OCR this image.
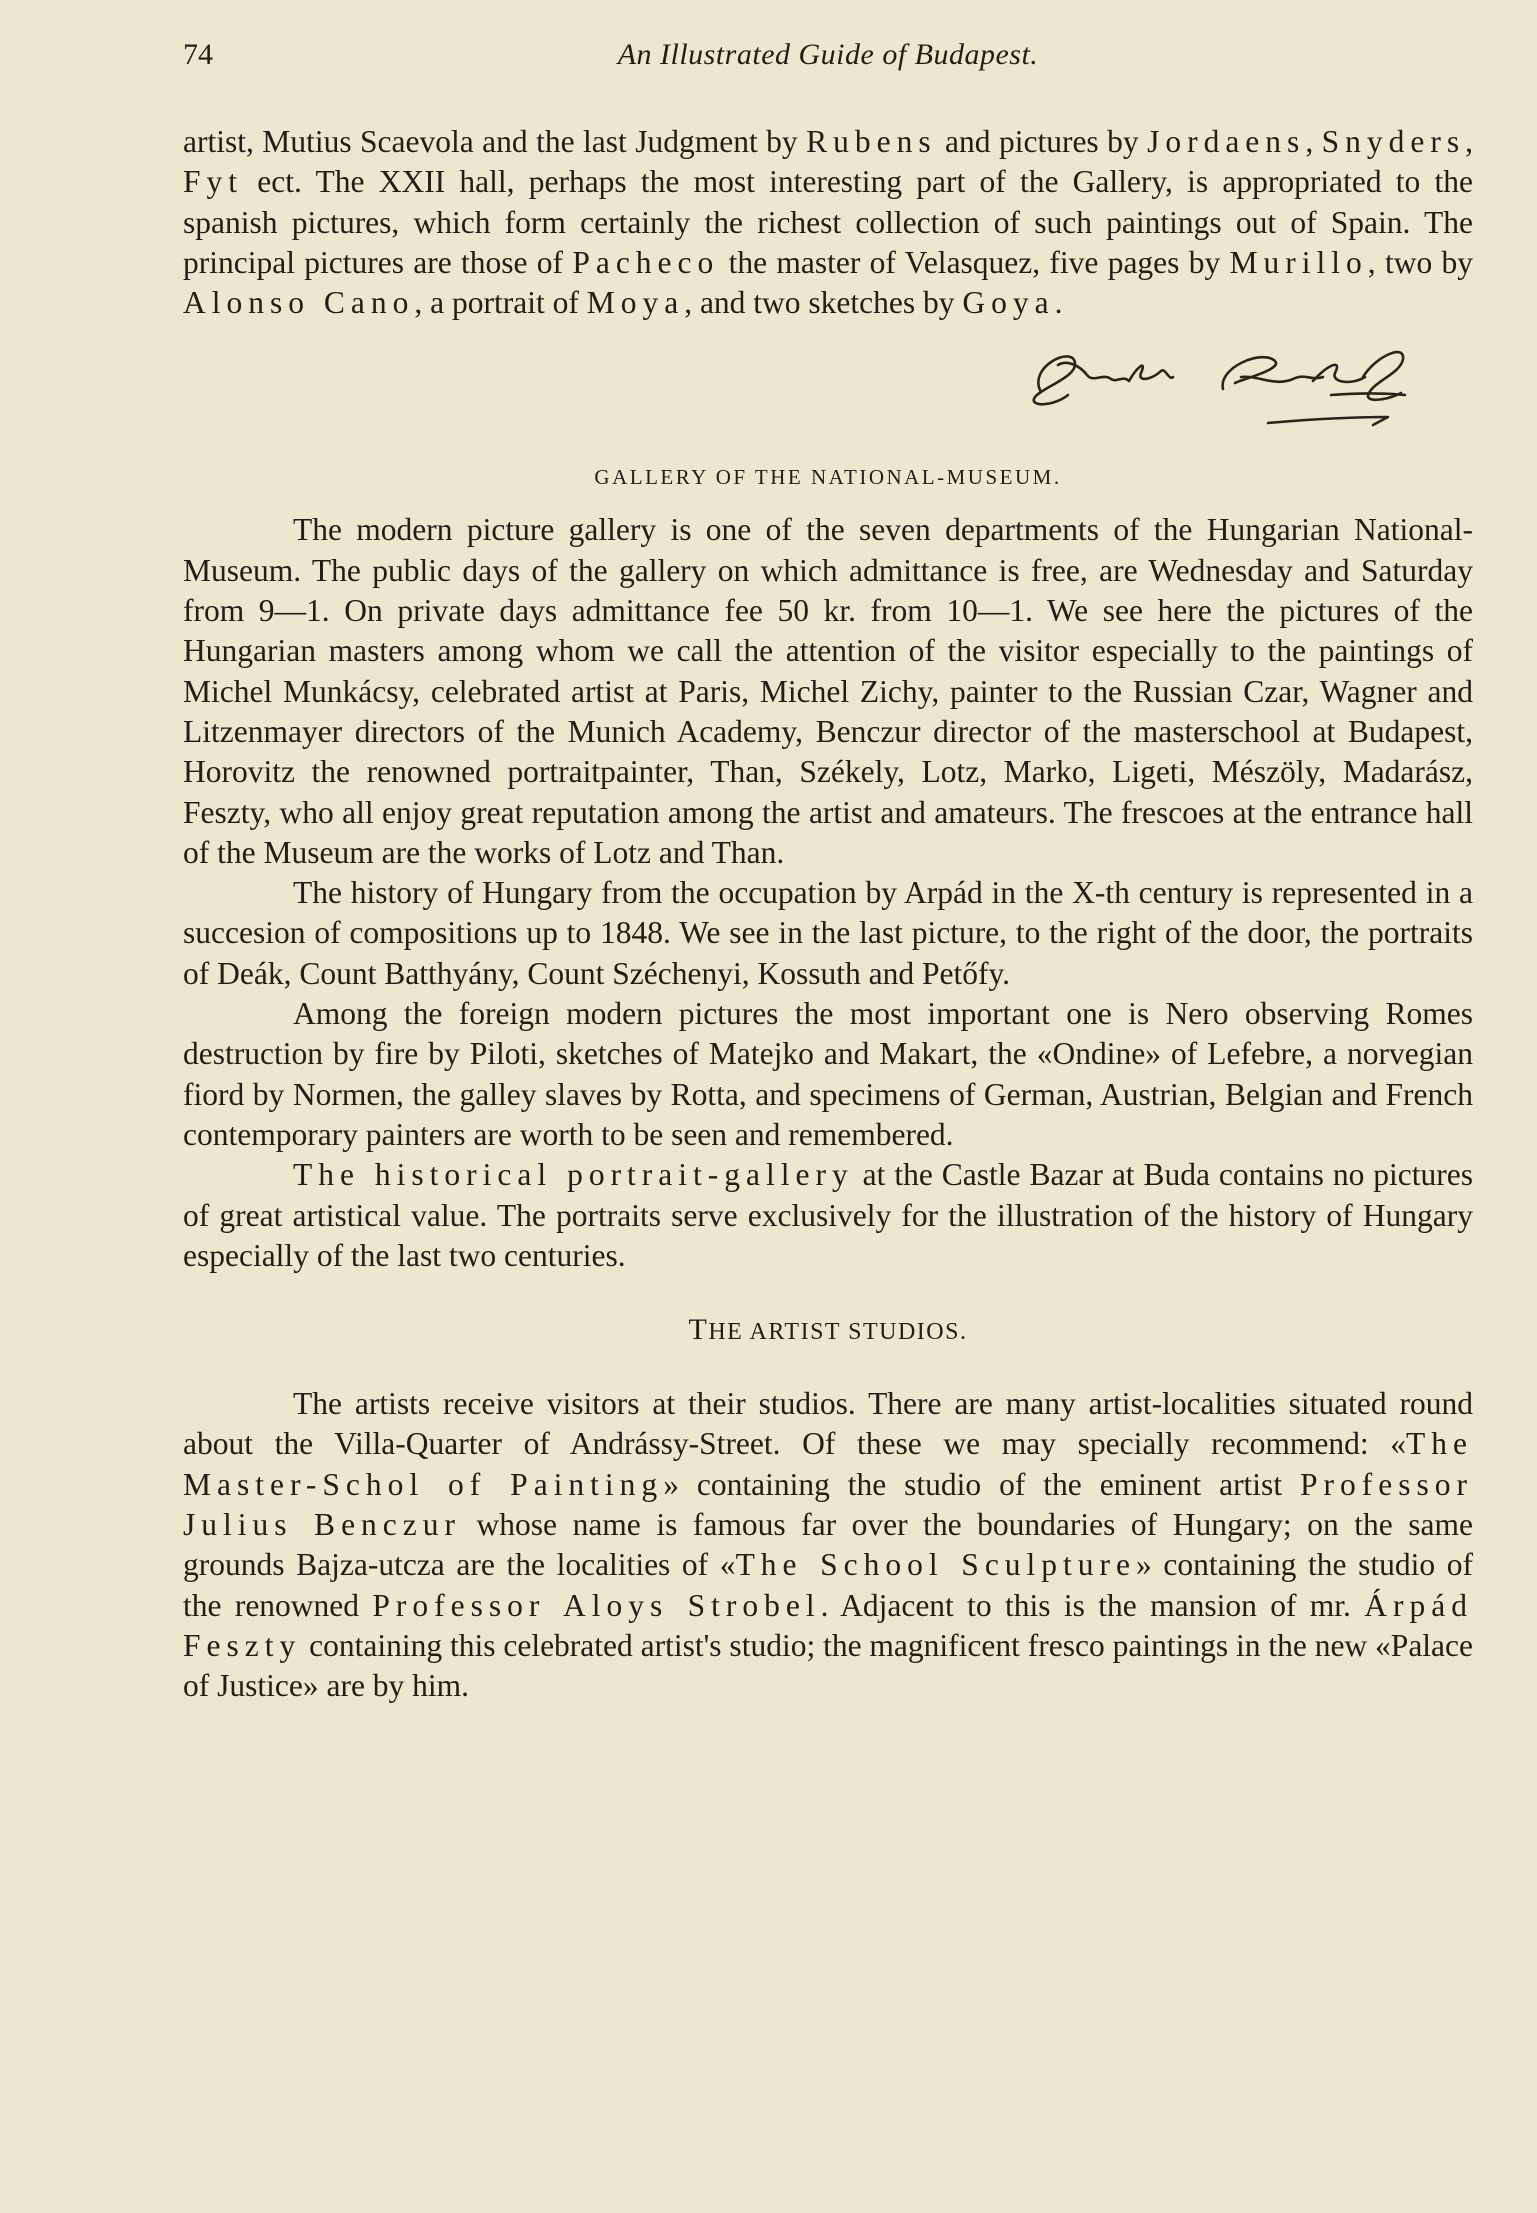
74	An Illustrated Guide of Budapest.

artist, Mutius Scaevola and the last Judgment by Rubens and pictures by Jordaens, Snyders, Fyt ect. The XXII hall, perhaps the most interesting part of the Gallery, is appropriated to the spanish pictures, which form certainly the richest collection of such paintings out of Spain. The principal pictures are those of Pacheco the master of Velasquez, five pages by Murillo, two by Alonso Cano, a portrait of Moya, and two sketches by Goya.

GALLERY OF THE NATIONAL-MUSEUM.

The modern picture gallery is one of the seven departments of the Hungarian National-Museum. The public days of the gallery on which admittance is free, are Wednesday and Saturday from 9—1. On private days admittance fee 50 kr. from 10—1. We see here the pictures of the Hungarian masters among whom we call the attention of the visitor especially to the paintings of Michel Munkácsy, celebrated artist at Paris, Michel Zichy, painter to the Russian Czar, Wagner and Litzenmayer directors of the Munich Academy, Benczur director of the masterschool at Budapest, Horovitz the renowned portraitpainter, Than, Székely, Lotz, Marko, Ligeti, Mészöly, Madarász, Feszty, who all enjoy great reputation among the artist and amateurs. The frescoes at the entrance hall of the Museum are the works of Lotz and Than.

The history of Hungary from the occupation by Arpád in the X-th century is represented in a succesion of compositions up to 1848. We see in the last picture, to the right of the door, the portraits of Deák, Count Batthyány, Count Széchenyi, Kossuth and Petőfy.

Among the foreign modern pictures the most important one is Nero observing Romes destruction by fire by Piloti, sketches of Matejko and Makart, the «Ondine» of Lefebre, a norvegian fiord by Normen, the galley slaves by Rotta, and specimens of German, Austrian, Belgian and French contemporary painters are worth to be seen and remembered.

The historical portrait-gallery at the Castle Bazar at Buda contains no pictures of great artistical value. The portraits serve exclusively for the illustration of the history of Hungary especially of the last two centuries.

THE ARTIST STUDIOS.

The artists receive visitors at their studios. There are many artist-localities situated round about the Villa-Quarter of Andrássy-Street. Of these we may specially recommend: «The Master-Schol of Painting» containing the studio of the eminent artist Professor Julius Benczur whose name is famous far over the boundaries of Hungary; on the same grounds Bajza-utcza are the localities of «The School Sculpture» containing the studio of the renowned Professor Aloys Strobel. Adjacent to this is the mansion of mr. Árpád Feszty containing this celebrated artist's studio; the magnificent fresco paintings in the new «Palace of Justice» are by him.
